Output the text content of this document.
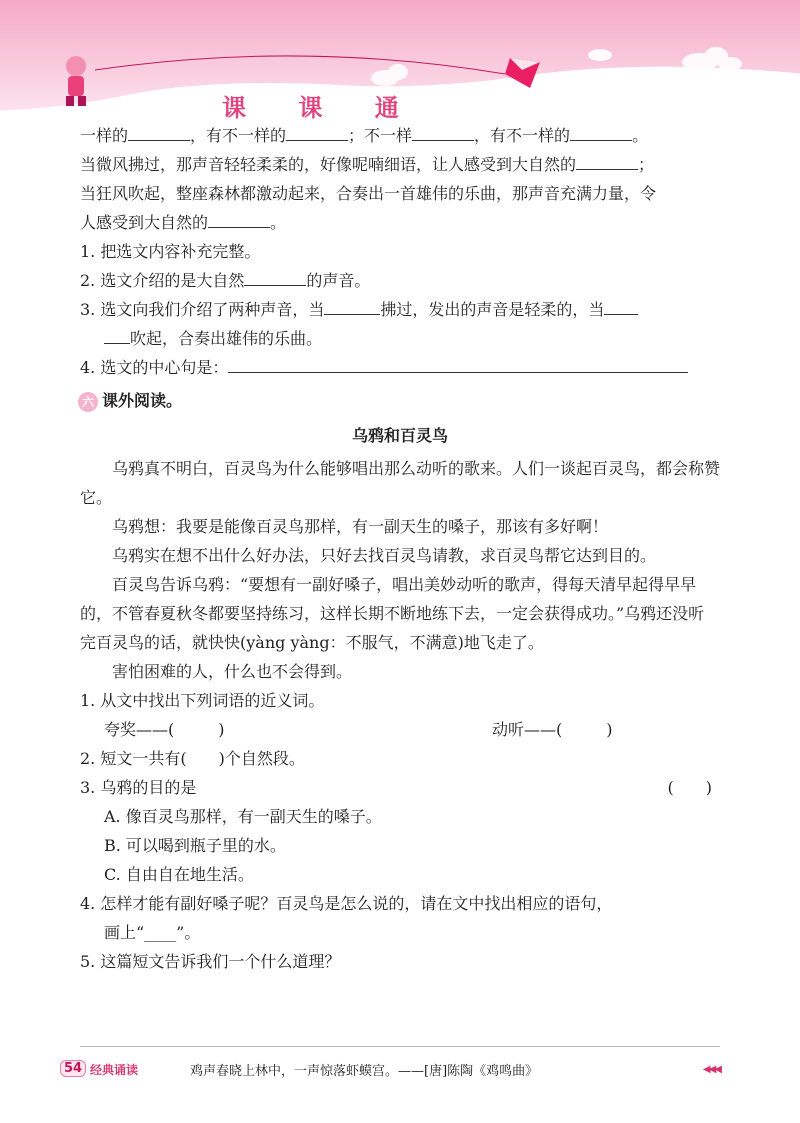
课 课 通

一样的	，有不一样的	；不一样	，有不一样的	。

当微风拂过，那声音轻轻柔柔的，好像呢喃细语，让人感受到大自然的	；

当狂风吹起，整座森林都激动起来，合奏出一首雄伟的乐曲，那声音充满力量，令

人感受到大自然的	。

1. 把选文内容补充完整。

2. 选文介绍的是大自然	的声音。

3. 选文向我们介绍了两种声音，当	拂过，发出的声音是轻柔的，当

吹起，合奏出雄伟的乐曲。

4. 选文的中心句是：

六 课外阅读。

乌鸦和百灵鸟

乌鸦真不明白，百灵鸟为什么能够唱出那么动听的歌来。人们一谈起百灵鸟，都会称赞它。

乌鸦想：我要是能像百灵鸟那样，有一副天生的嗓子，那该有多好啊！

乌鸦实在想不出什么好办法，只好去找百灵鸟请教，求百灵鸟帮它达到目的。

百灵鸟告诉乌鸦：“要想有一副好嗓子，唱出美妙动听的歌声，得每天清早起得早早的，不管春夏秋冬都要坚持练习，这样长期不断地练下去，一定会获得成功。”乌鸦还没听完百灵鸟的话，就快快(yàng yàng：不服气，不满意)地飞走了。

害怕困难的人，什么也不会得到。

1. 从文中找出下列词语的近义词。

夸奖——(	)	动听——(	)

2. 短文一共有(　　)个自然段。

3. 乌鸦的目的是	(　　)

A. 像百灵鸟那样，有一副天生的嗓子。

B. 可以喝到瓶子里的水。

C. 自由自在地生活。

4. 怎样才能有副好嗓子呢？百灵鸟是怎么说的，请在文中找出相应的语句，

画上“____”。

5. 这篇短文告诉我们一个什么道理？

54 经典诵读	鸡声春晓上林中，一声惊落虾蟆宫。——[唐]陈陶《鸡鸣曲》	◀◀◀
